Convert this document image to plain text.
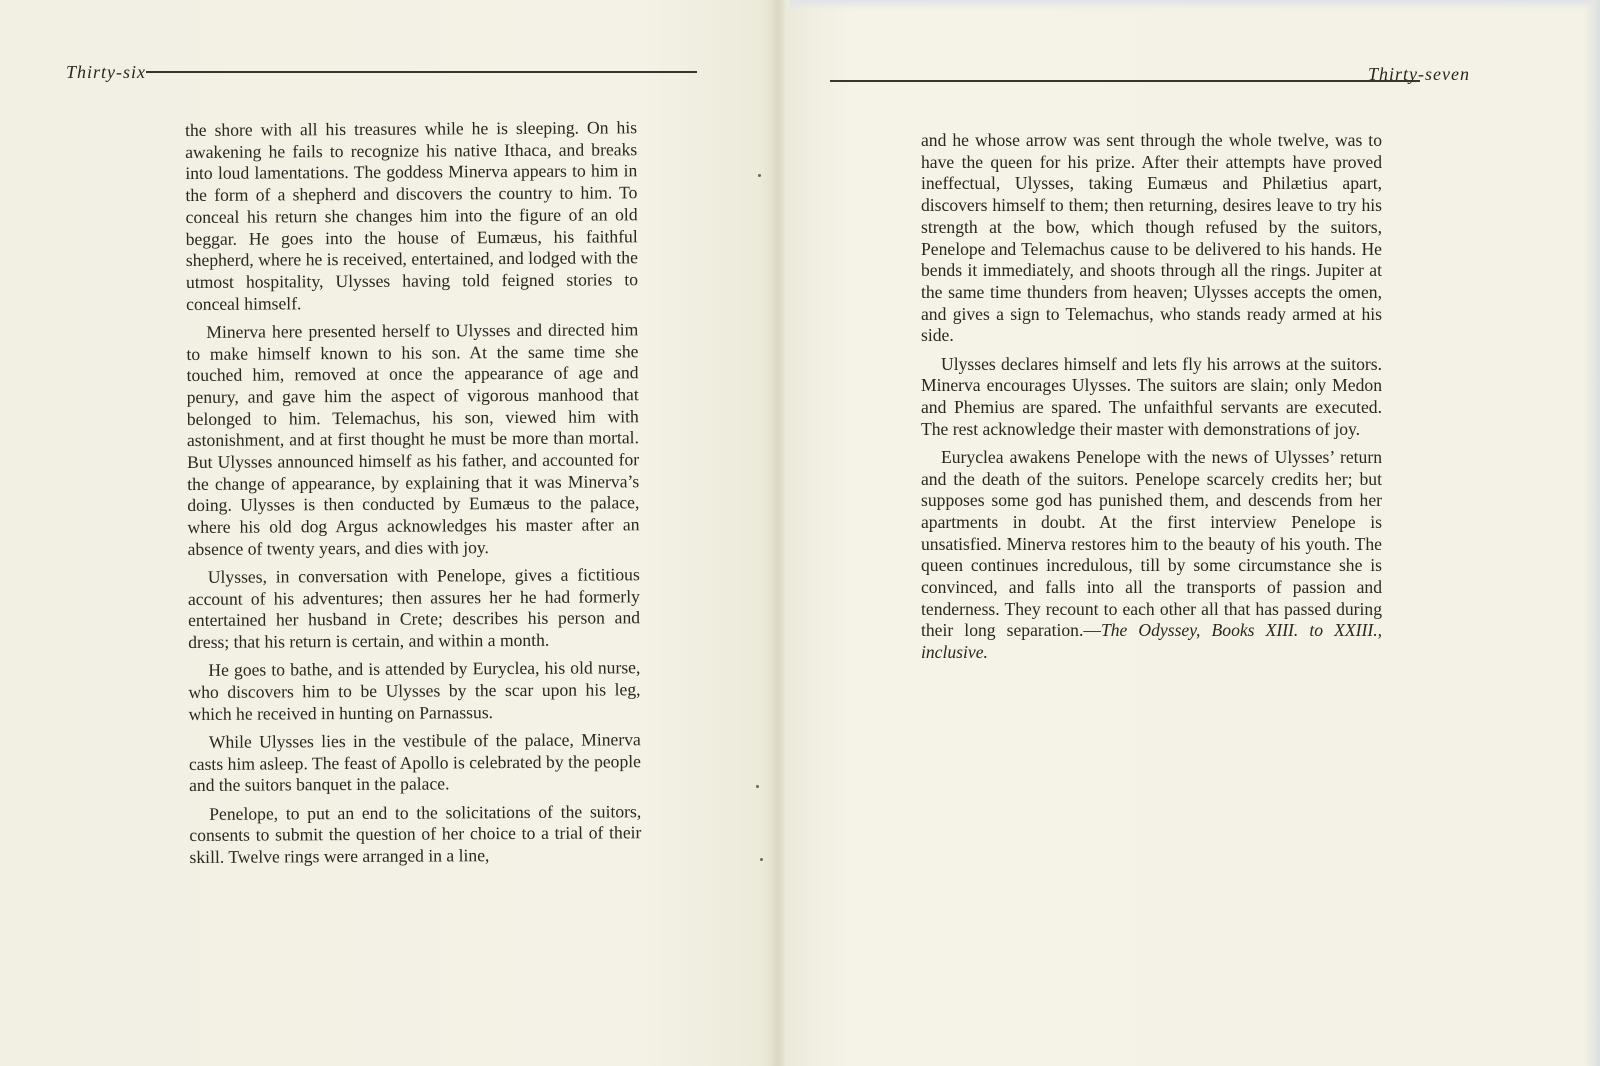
Thirty-six

the shore with all his treasures while he is sleeping. On his awakening he fails to recognize his native Ithaca, and breaks into loud lamentations. The goddess Minerva appears to him in the form of a shepherd and discovers the country to him. To conceal his return she changes him into the figure of an old beggar. He goes into the house of Eumæus, his faithful shepherd, where he is received, entertained, and lodged with the utmost hospitality, Ulysses having told feigned stories to conceal himself.

Minerva here presented herself to Ulysses and directed him to make himself known to his son. At the same time she touched him, removed at once the appearance of age and penury, and gave him the aspect of vigorous manhood that belonged to him. Telemachus, his son, viewed him with astonishment, and at first thought he must be more than mortal. But Ulysses announced himself as his father, and accounted for the change of appearance, by explaining that it was Minerva’s doing. Ulysses is then conducted by Eumæus to the palace, where his old dog Argus acknowledges his master after an absence of twenty years, and dies with joy.

Ulysses, in conversation with Penelope, gives a fictitious account of his adventures; then assures her he had formerly entertained her husband in Crete; describes his person and dress; that his return is certain, and within a month.

He goes to bathe, and is attended by Euryclea, his old nurse, who discovers him to be Ulysses by the scar upon his leg, which he received in hunting on Parnassus.

While Ulysses lies in the vestibule of the palace, Minerva casts him asleep. The feast of Apollo is celebrated by the people and the suitors banquet in the palace.

Penelope, to put an end to the solicitations of the suitors, consents to submit the question of her choice to a trial of their skill. Twelve rings were arranged in a line,

Thirty-seven

and he whose arrow was sent through the whole twelve, was to have the queen for his prize. After their attempts have proved ineffectual, Ulysses, taking Eumæus and Philætius apart, discovers himself to them; then returning, desires leave to try his strength at the bow, which though refused by the suitors, Penelope and Telemachus cause to be delivered to his hands. He bends it immediately, and shoots through all the rings. Jupiter at the same time thunders from heaven; Ulysses accepts the omen, and gives a sign to Telemachus, who stands ready armed at his side.

Ulysses declares himself and lets fly his arrows at the suitors. Minerva encourages Ulysses. The suitors are slain; only Medon and Phemius are spared. The unfaithful servants are executed. The rest acknowledge their master with demonstrations of joy.

Euryclea awakens Penelope with the news of Ulysses’ return and the death of the suitors. Penelope scarcely credits her; but supposes some god has punished them, and descends from her apartments in doubt. At the first interview Penelope is unsatisfied. Minerva restores him to the beauty of his youth. The queen continues incredulous, till by some circumstance she is convinced, and falls into all the transports of passion and tenderness. They recount to each other all that has passed during their long separation.—The Odyssey, Books XIII. to XXIII., inclusive.
